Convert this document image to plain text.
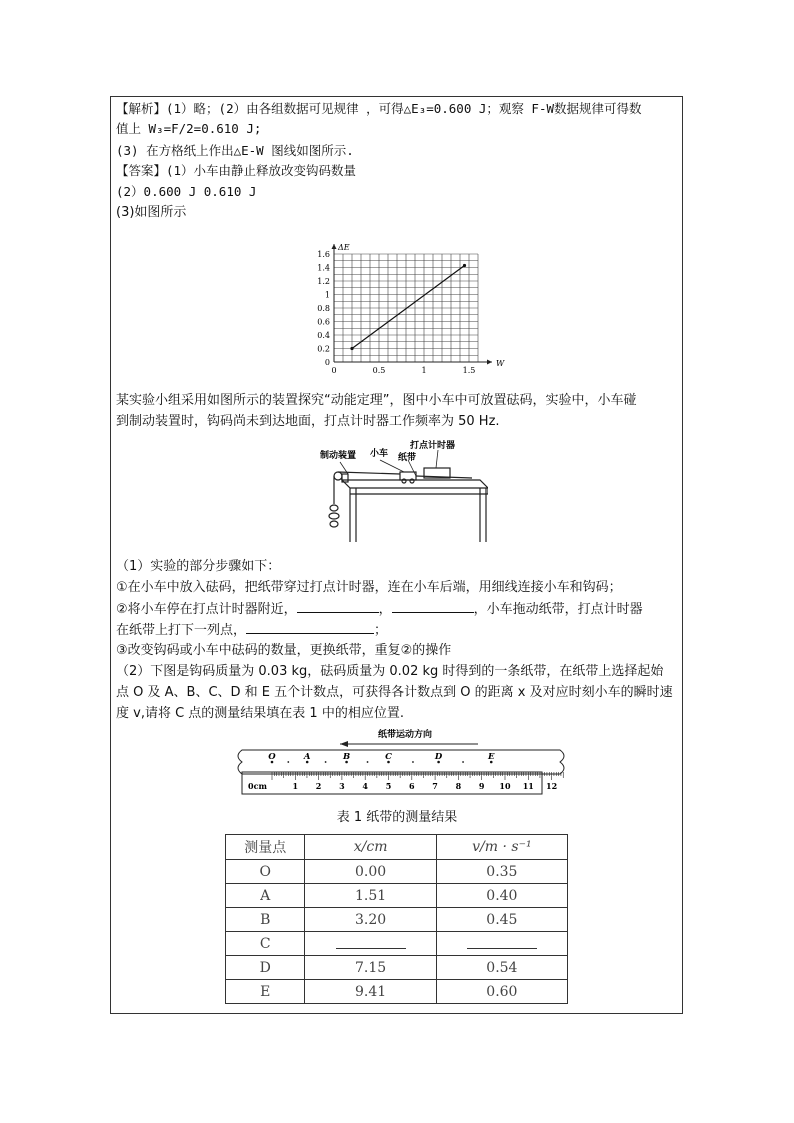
【解析】(1）略；(2）由各组数据可见规律 ，可得△E₃=0.600 J；观察 F-W数据规律可得数
值上 W₃=F/2=0.610 J;
(3) 在方格纸上作出△E-W 图线如图所示.
【答案】(1）小车由静止释放改变钩码数量
(2）0.600 J 0.610 J
(3)如图所示
W
ΔE
0
0.2
0.4
0.6
0.8
1
1.2
1.4
1.6
0	0.5	1	1.5
某实验小组采用如图所示的装置探究“动能定理”，图中小车中可放置砝码，实验中，小车碰
到制动装置时，钩码尚未到达地面，打点计时器工作频率为 50 Hz.
制动装置 小车 纸带
打点计时器
（1）实验的部分步骤如下：
①在小车中放入砝码，把纸带穿过打点计时器，连在小车后端，用细线连接小车和钩码；
②将小车停在打点计时器附近，	，	，小车拖动纸带，打点计时器
在纸带上打下一列点，	；
③改变钩码或小车中砝码的数量，更换纸带，重复②的操作
（2）下图是钩码质量为 0.03 kg，砝码质量为 0.02 kg 时得到的一条纸带，在纸带上选择起始
点 O 及 A、B、C、D 和 E 五个计数点，可获得各计数点到 O 的距离 x 及对应时刻小车的瞬时速
度 v,请将 C 点的测量结果填在表 1 中的相应位置.
纸带运动方向
0cm	1 2 3 4 5 6 7 8 9 10 11 12
O	A	B	C	D	E
表 1 纸带的测量结果
测量点	x/cm	v/m · s⁻¹
O	0.00	0.35
A	1.51	0.40
B	3.20	0.45
C		
D	7.15	0.54
E	9.41	0.60
